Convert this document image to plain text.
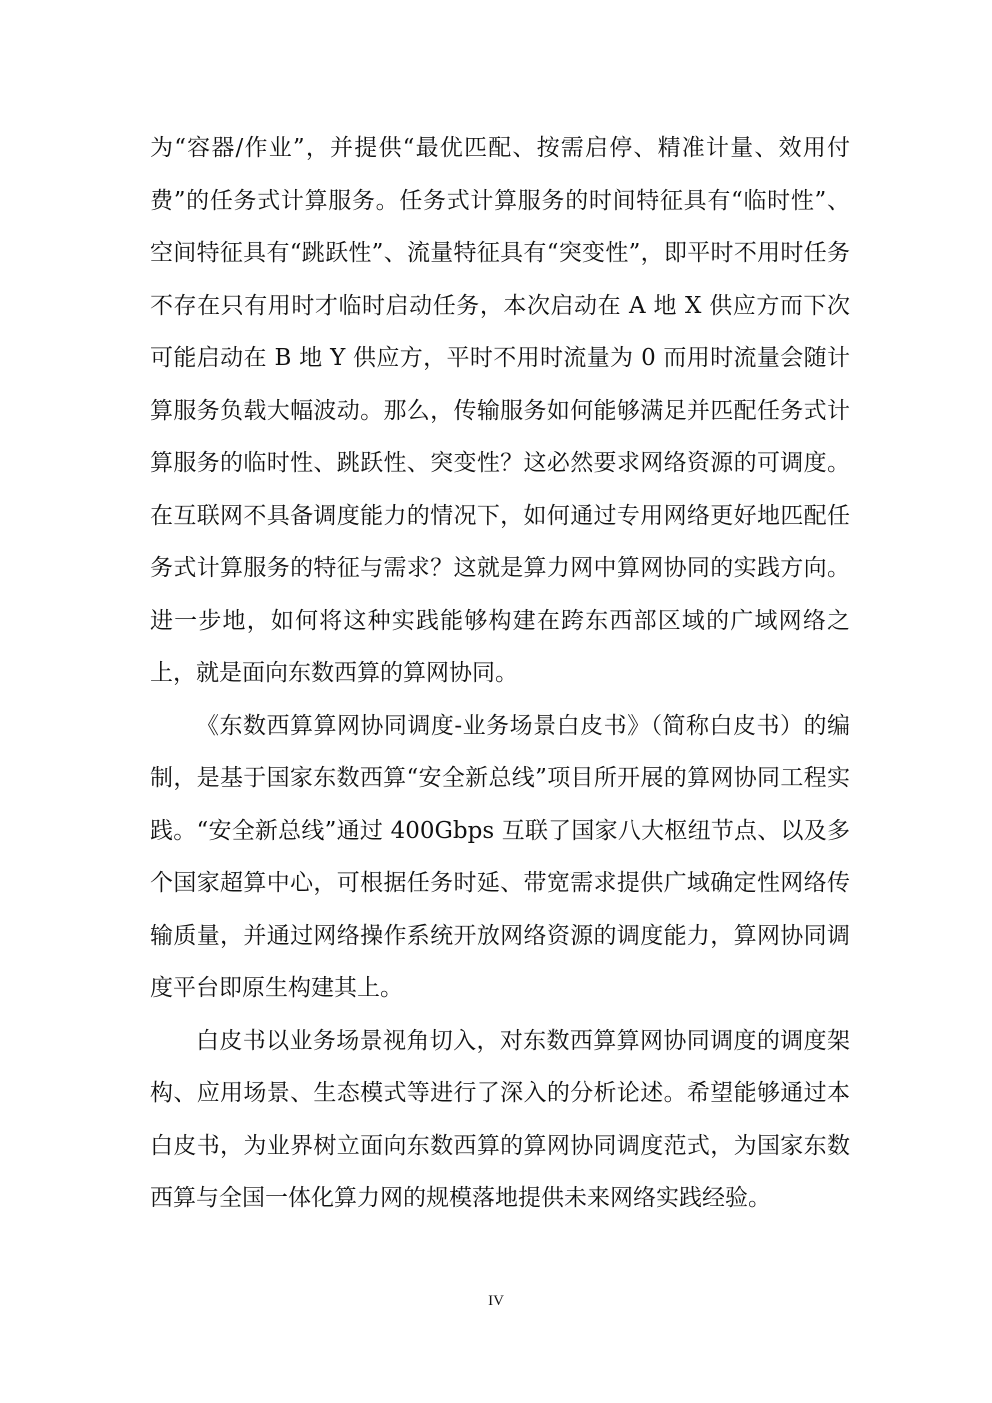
为“容器/作业”，并提供“最优匹配、按需启停、精准计量、效用付费”的任务式计算服务。任务式计算服务的时间特征具有“临时性”、空间特征具有“跳跃性”、流量特征具有“突变性”，即平时不用时任务不存在只有用时才临时启动任务，本次启动在 A 地 X 供应方而下次可能启动在 B 地 Y 供应方，平时不用时流量为 0 而用时流量会随计算服务负载大幅波动。那么，传输服务如何能够满足并匹配任务式计算服务的临时性、跳跃性、突变性？这必然要求网络资源的可调度。在互联网不具备调度能力的情况下，如何通过专用网络更好地匹配任务式计算服务的特征与需求？这就是算力网中算网协同的实践方向。进一步地，如何将这种实践能够构建在跨东西部区域的广域网络之上，就是面向东数西算的算网协同。

《东数西算算网协同调度-业务场景白皮书》（简称白皮书）的编制，是基于国家东数西算“安全新总线”项目所开展的算网协同工程实践。“安全新总线”通过 400Gbps 互联了国家八大枢纽节点、以及多个国家超算中心，可根据任务时延、带宽需求提供广域确定性网络传输质量，并通过网络操作系统开放网络资源的调度能力，算网协同调度平台即原生构建其上。

白皮书以业务场景视角切入，对东数西算算网协同调度的调度架构、应用场景、生态模式等进行了深入的分析论述。希望能够通过本白皮书，为业界树立面向东数西算的算网协同调度范式，为国家东数西算与全国一体化算力网的规模落地提供未来网络实践经验。

IV
